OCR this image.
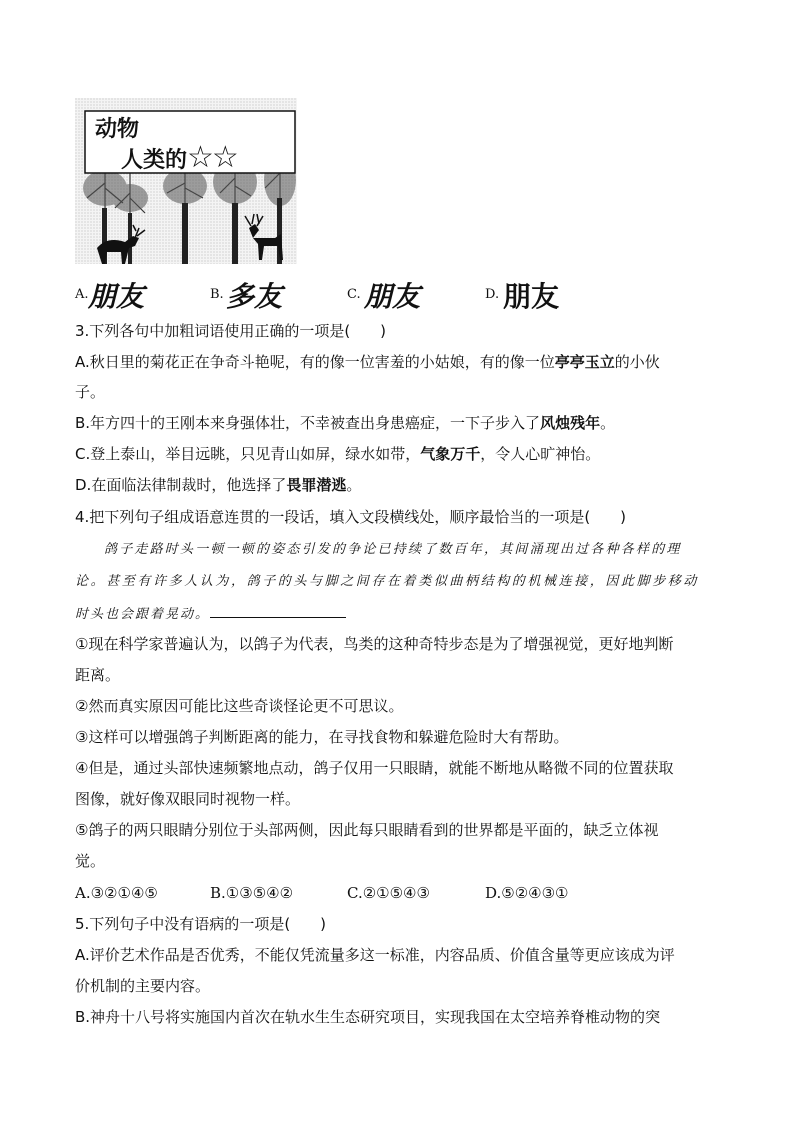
动物
人类的☆☆
A. 朋友	B. 多友	C. 朋友	D. 朋友
3.下列各句中加粗词语使用正确的一项是(　　)
A.秋日里的菊花正在争奇斗艳呢，有的像一位害羞的小姑娘，有的像一位亭亭玉立的小伙
子。
B.年方四十的王刚本来身强体壮，不幸被查出身患癌症，一下子步入了风烛残年。
C.登上泰山，举目远眺，只见青山如屏，绿水如带，气象万千，令人心旷神怡。
D.在面临法律制裁时，他选择了畏罪潜逃。
4.把下列句子组成语意连贯的一段话，填入文段横线处，顺序最恰当的一项是(　　)
鸽子走路时头一顿一顿的姿态引发的争论已持续了数百年，其间涌现出过各种各样的理
论。甚至有许多人认为，鸽子的头与脚之间存在着类似曲柄结构的机械连接，因此脚步移动
时头也会跟着晃动。
①现在科学家普遍认为，以鸽子为代表，鸟类的这种奇特步态是为了增强视觉，更好地判断
距离。
②然而真实原因可能比这些奇谈怪论更不可思议。
③这样可以增强鸽子判断距离的能力，在寻找食物和躲避危险时大有帮助。
④但是，通过头部快速频繁地点动，鸽子仅用一只眼睛，就能不断地从略微不同的位置获取
图像，就好像双眼同时视物一样。
⑤鸽子的两只眼睛分别位于头部两侧，因此每只眼睛看到的世界都是平面的，缺乏立体视
觉。
A.③②①④⑤	B.①③⑤④②	C.②①⑤④③	D.⑤②④③①
5.下列句子中没有语病的一项是(　　)
A.评价艺术作品是否优秀，不能仅凭流量多这一标准，内容品质、价值含量等更应该成为评
价机制的主要内容。
B.神舟十八号将实施国内首次在轨水生生态研究项目，实现我国在太空培养脊椎动物的突
